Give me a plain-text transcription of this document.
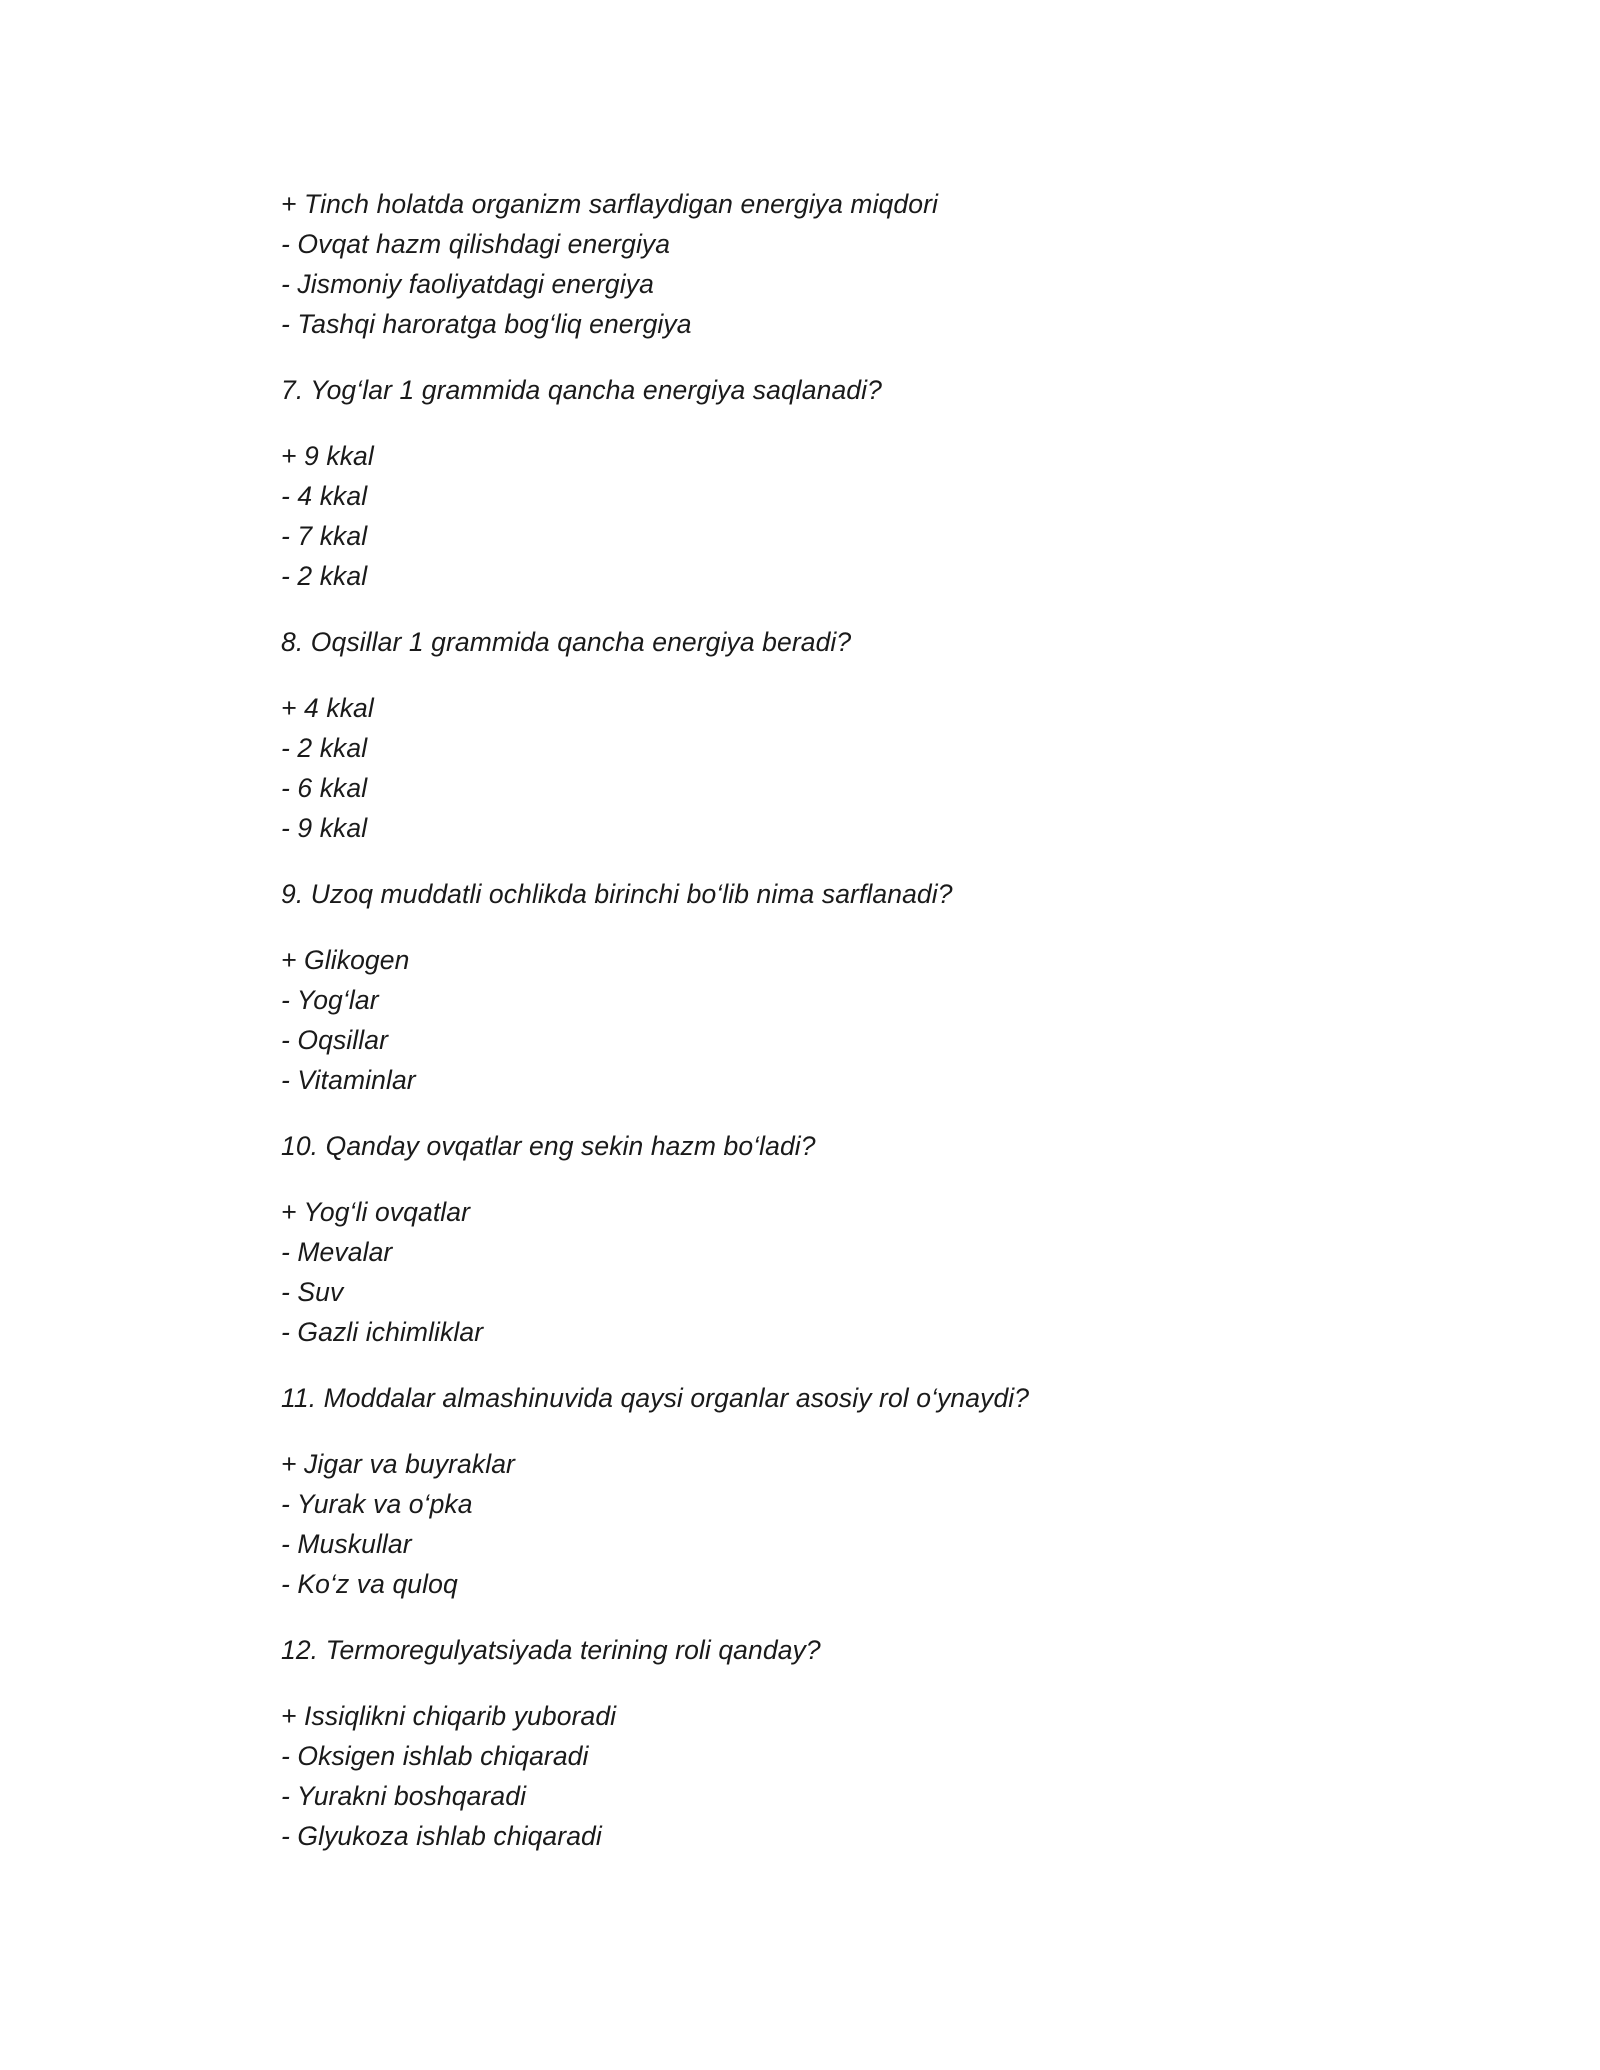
+ Tinch holatda organizm sarflaydigan energiya miqdori
- Ovqat hazm qilishdagi energiya
- Jismoniy faoliyatdagi energiya
- Tashqi haroratga bog‘liq energiya
7. Yog‘lar 1 grammida qancha energiya saqlanadi?
+ 9 kkal
- 4 kkal
- 7 kkal
- 2 kkal
8. Oqsillar 1 grammida qancha energiya beradi?
+ 4 kkal
- 2 kkal
- 6 kkal
- 9 kkal
9. Uzoq muddatli ochlikda birinchi bo‘lib nima sarflanadi?
+ Glikogen
- Yog‘lar
- Oqsillar
- Vitaminlar
10. Qanday ovqatlar eng sekin hazm bo‘ladi?
+ Yog‘li ovqatlar
- Mevalar
- Suv
- Gazli ichimliklar
11. Moddalar almashinuvida qaysi organlar asosiy rol o‘ynaydi?
+ Jigar va buyraklar
- Yurak va o‘pka
- Muskullar
- Ko‘z va quloq
12. Termoregulyatsiyada terining roli qanday?
+ Issiqlikni chiqarib yuboradi
- Oksigen ishlab chiqaradi
- Yurakni boshqaradi
- Glyukoza ishlab chiqaradi
